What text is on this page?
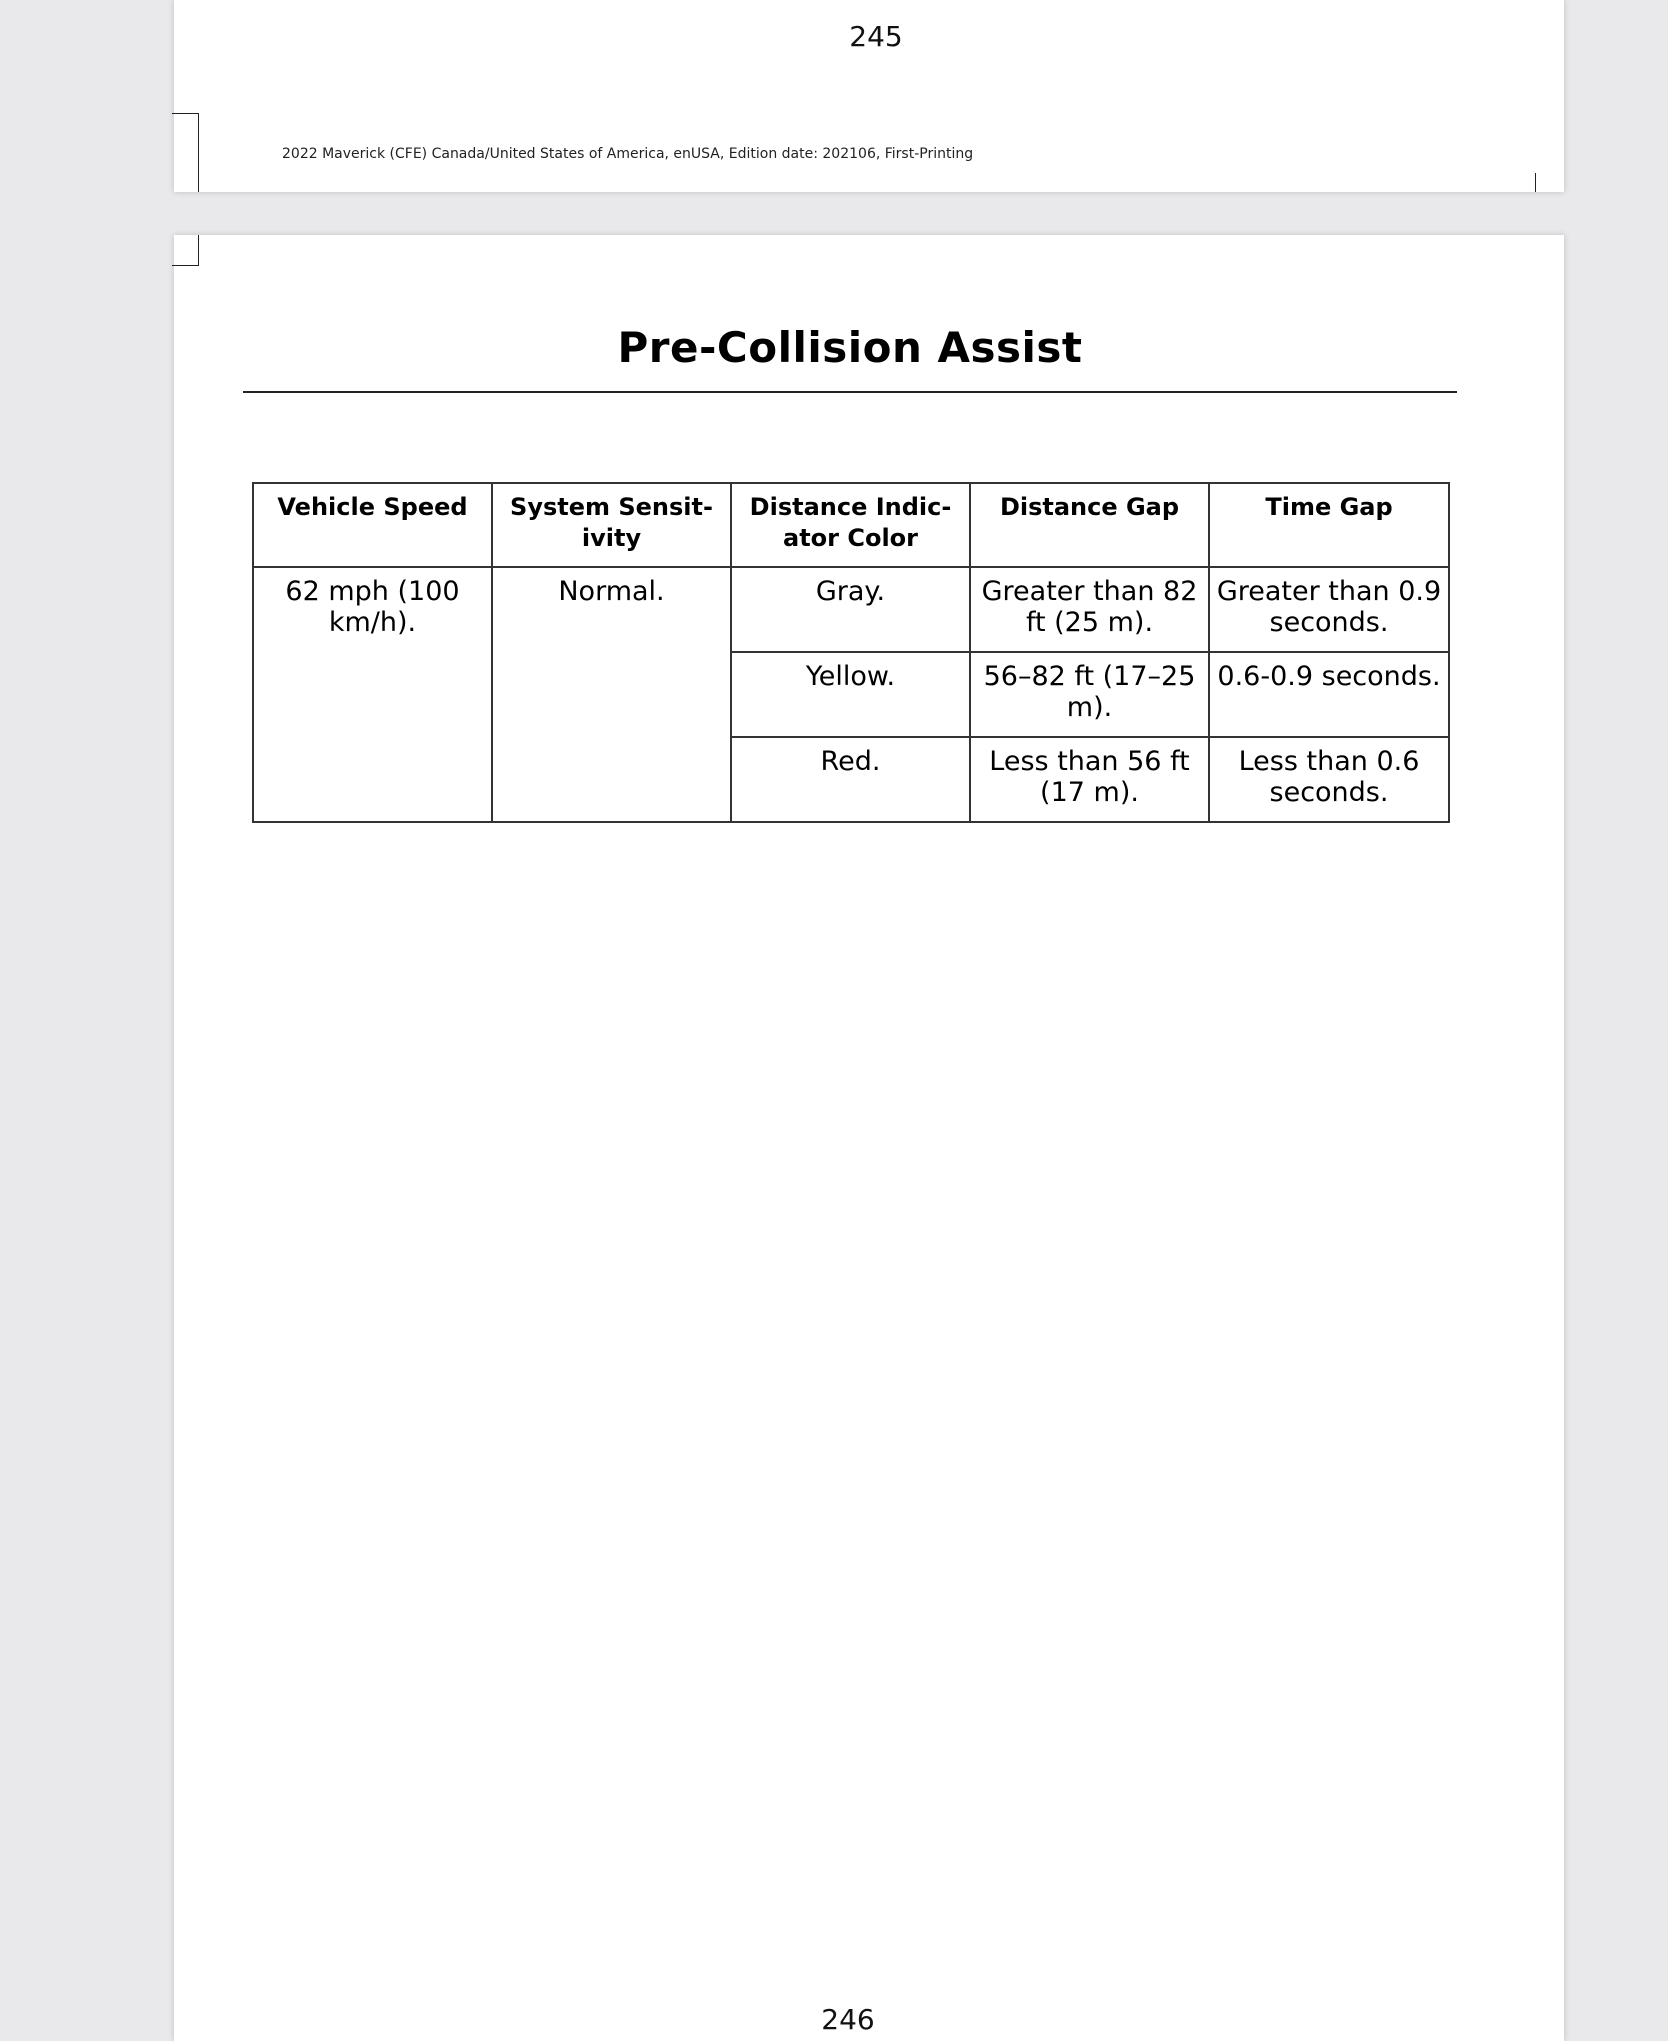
245
2022 Maverick (CFE) Canada/United States of America, enUSA, Edition date: 202106, First-Printing
Pre-Collision Assist
Vehicle Speed	System Sensit-ivity	Distance Indic-ator Color	Distance Gap	Time Gap
62 mph (100 km/h).	Normal.	Gray.	Greater than 82 ft (25 m).	Greater than 0.9 seconds.
		Yellow.	56–82 ft (17–25 m).	0.6-0.9 seconds.
		Red.	Less than 56 ft (17 m).	Less than 0.6 seconds.
246
